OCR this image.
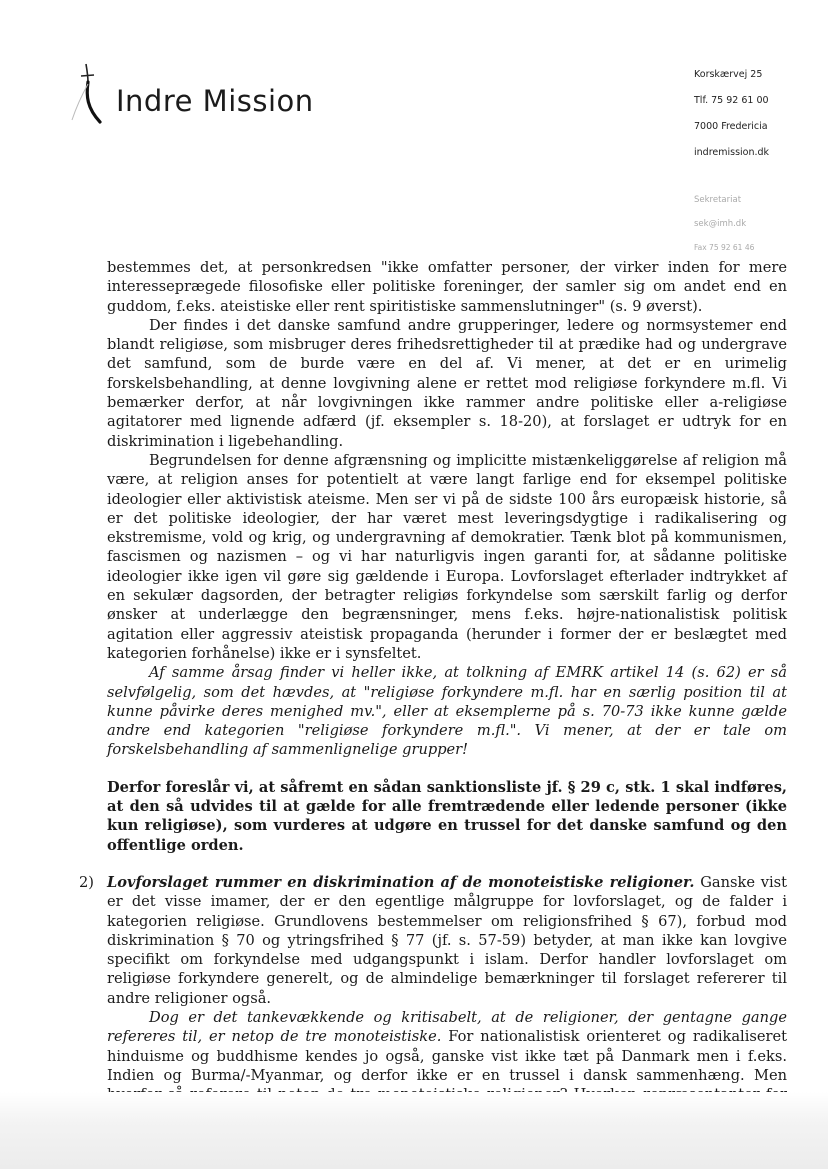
Indre Mission
Korskærvej 25
Tlf. 75 92 61 00
7000 Fredericia
indremission.dk
Sekretariat
sek@imh.dk
Fax 75 92 61 46

bestemmes det, at personkredsen "ikke omfatter personer, der virker inden for mere interesseprægede filosofiske eller politiske foreninger, der samler sig om andet end en guddom, f.eks. ateistiske eller rent spiritistiske sammenslutninger" (s. 9 øverst).

Der findes i det danske samfund andre grupperinger, ledere og normsystemer end blandt religiøse, som misbruger deres frihedsrettigheder til at prædike had og undergrave det samfund, som de burde være en del af. Vi mener, at det er en urimelig forskelsbehandling, at denne lovgivning alene er rettet mod religiøse forkyndere m.fl. Vi bemærker derfor, at når lovgivningen ikke rammer andre politiske eller a-religiøse agitatorer med lignende adfærd (jf. eksempler s. 18-20), at forslaget er udtryk for en diskrimination i ligebehandling.

Begrundelsen for denne afgrænsning og implicitte mistænkeliggørelse af religion må være, at religion anses for potentielt at være langt farlige end for eksempel politiske ideologier eller aktivistisk ateisme. Men ser vi på de sidste 100 års europæisk historie, så er det politiske ideologier, der har været mest leveringsdygtige i radikalisering og ekstremisme, vold og krig, og undergravning af demokratier. Tænk blot på kommunismen, fascismen og nazismen – og vi har naturligvis ingen garanti for, at sådanne politiske ideologier ikke igen vil gøre sig gældende i Europa. Lovforslaget efterlader indtrykket af en sekulær dagsorden, der betragter religiøs forkyndelse som særskilt farlig og derfor ønsker at underlægge den begrænsninger, mens f.eks. højre-nationalistisk politisk agitation eller aggressiv ateistisk propaganda (herunder i former der er beslægtet med kategorien forhånelse) ikke er i synsfeltet.

Af samme årsag finder vi heller ikke, at tolkning af EMRK artikel 14 (s. 62) er så selvfølgelig, som det hævdes, at "religiøse forkyndere m.fl. har en særlig position til at kunne påvirke deres menighed mv.", eller at eksemplerne på s. 70-73 ikke kunne gælde andre end kategorien "religiøse forkyndere m.fl.". Vi mener, at der er tale om forskelsbehandling af sammenlignelige grupper!

Derfor foreslår vi, at såfremt en sådan sanktionsliste jf. § 29 c, stk. 1 skal indføres, at den så udvides til at gælde for alle fremtrædende eller ledende personer (ikke kun religiøse), som vurderes at udgøre en trussel for det danske samfund og den offentlige orden.

2) Lovforslaget rummer en diskrimination af de monoteistiske religioner. Ganske vist er det visse imamer, der er den egentlige målgruppe for lovforslaget, og de falder i kategorien religiøse. Grundlovens bestemmelser om religionsfrihed § 67), forbud mod diskrimination § 70 og ytringsfrihed § 77 (jf. s. 57-59) betyder, at man ikke kan lovgive specifikt om forkyndelse med udgangspunkt i islam. Derfor handler lovforslaget om religiøse forkyndere generelt, og de almindelige bemærkninger til forslaget refererer til andre religioner også.

Dog er det tankevækkende og kritisabelt, at de religioner, der gentagne gange refereres til, er netop de tre monoteistiske. For nationalistisk orienteret og radikaliseret hinduisme og buddhisme kendes jo også, ganske vist ikke tæt på Danmark men i f.eks. Indien og Burma/-Myanmar, og derfor ikke er en trussel i dansk sammenhæng. Men
